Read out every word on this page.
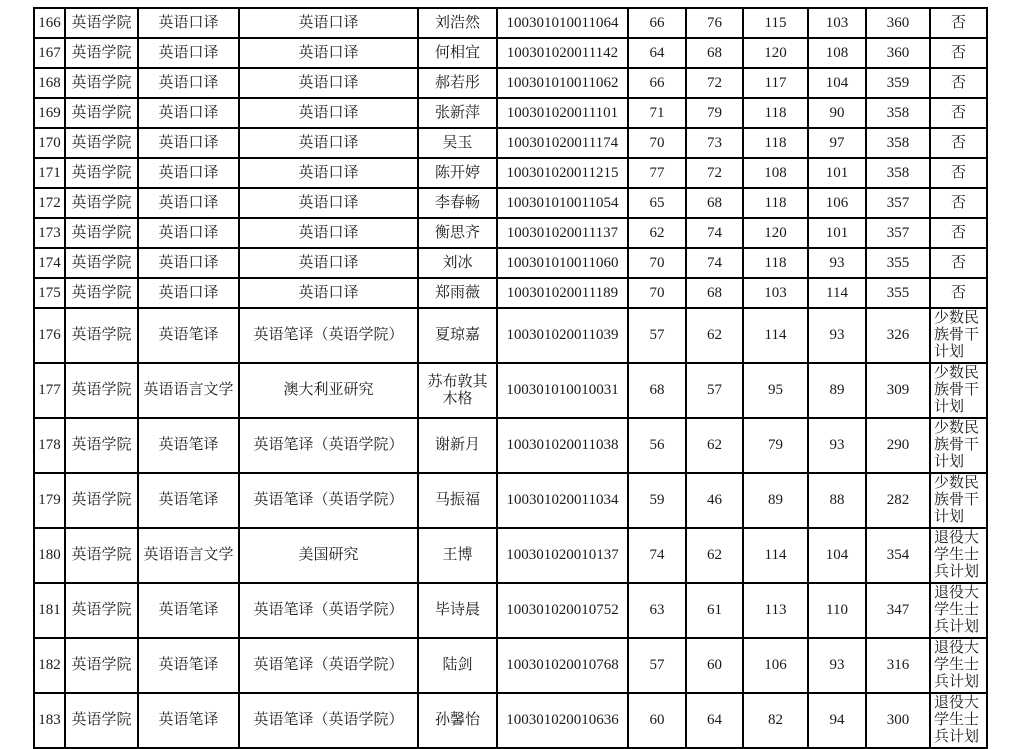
166	英语学院	英语口译	英语口译	刘浩然	100301010011064	66	76	115	103	360	否
167	英语学院	英语口译	英语口译	何相宜	100301020011142	64	68	120	108	360	否
168	英语学院	英语口译	英语口译	郝若彤	100301010011062	66	72	117	104	359	否
169	英语学院	英语口译	英语口译	张新萍	100301020011101	71	79	118	90	358	否
170	英语学院	英语口译	英语口译	吴玉	100301020011174	70	73	118	97	358	否
171	英语学院	英语口译	英语口译	陈开婷	100301020011215	77	72	108	101	358	否
172	英语学院	英语口译	英语口译	李春畅	100301010011054	65	68	118	106	357	否
173	英语学院	英语口译	英语口译	衡思齐	100301020011137	62	74	120	101	357	否
174	英语学院	英语口译	英语口译	刘冰	100301010011060	70	74	118	93	355	否
175	英语学院	英语口译	英语口译	郑雨薇	100301020011189	70	68	103	114	355	否
176	英语学院	英语笔译	英语笔译（英语学院）	夏琼嘉	100301020011039	57	62	114	93	326	少数民族骨干计划
177	英语学院	英语语言文学	澳大利亚研究	苏布敦其木格	100301010010031	68	57	95	89	309	少数民族骨干计划
178	英语学院	英语笔译	英语笔译（英语学院）	谢新月	100301020011038	56	62	79	93	290	少数民族骨干计划
179	英语学院	英语笔译	英语笔译（英语学院）	马振福	100301020011034	59	46	89	88	282	少数民族骨干计划
180	英语学院	英语语言文学	美国研究	王博	100301020010137	74	62	114	104	354	退役大学生士兵计划
181	英语学院	英语笔译	英语笔译（英语学院）	毕诗晨	100301020010752	63	61	113	110	347	退役大学生士兵计划
182	英语学院	英语笔译	英语笔译（英语学院）	陆剑	100301020010768	57	60	106	93	316	退役大学生士兵计划
183	英语学院	英语笔译	英语笔译（英语学院）	孙馨怡	100301020010636	60	64	82	94	300	退役大学生士兵计划
